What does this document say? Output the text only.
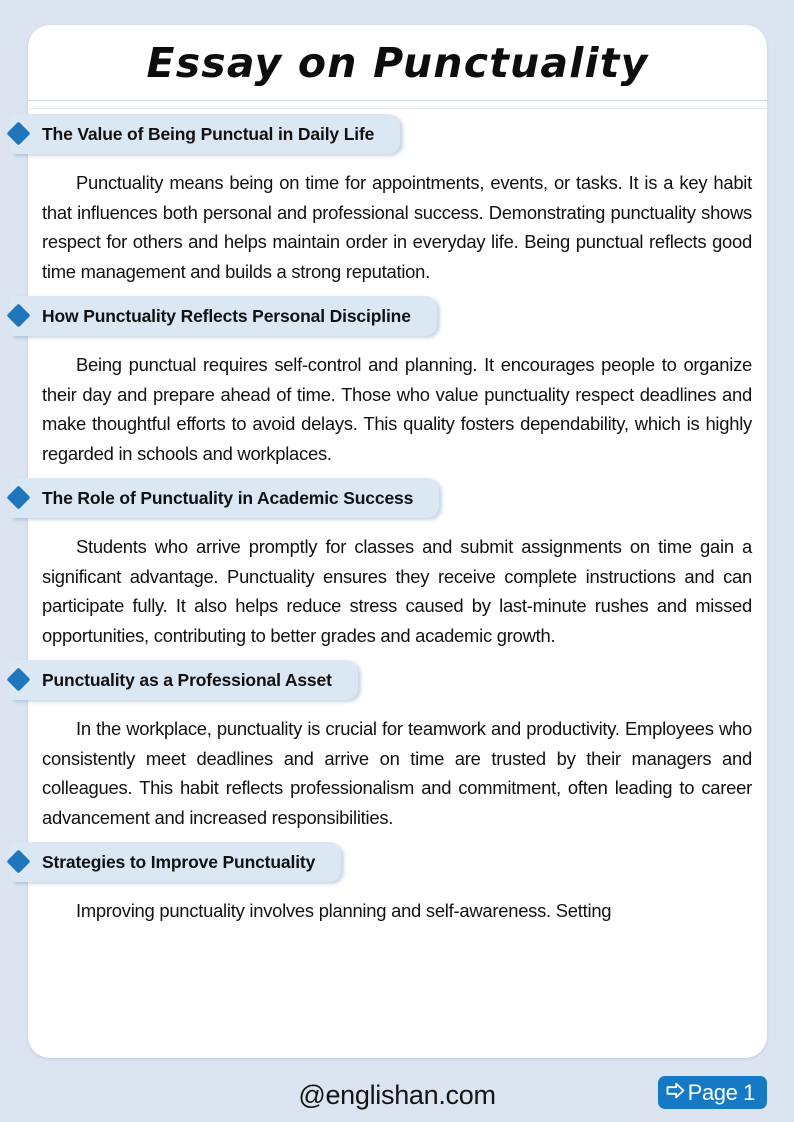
Essay on Punctuality
The Value of Being Punctual in Daily Life

Punctuality means being on time for appointments, events, or tasks. It is a key habit that influences both personal and professional success. Demonstrating punctuality shows respect for others and helps maintain order in everyday life. Being punctual reflects good time management and builds a strong reputation.

How Punctuality Reflects Personal Discipline

Being punctual requires self-control and planning. It encourages people to organize their day and prepare ahead of time. Those who value punctuality respect deadlines and make thoughtful efforts to avoid delays. This quality fosters dependability, which is highly regarded in schools and workplaces.

The Role of Punctuality in Academic Success

Students who arrive promptly for classes and submit assignments on time gain a significant advantage. Punctuality ensures they receive complete instructions and can participate fully. It also helps reduce stress caused by last-minute rushes and missed opportunities, contributing to better grades and academic growth.

Punctuality as a Professional Asset

In the workplace, punctuality is crucial for teamwork and productivity. Employees who consistently meet deadlines and arrive on time are trusted by their managers and colleagues. This habit reflects professionalism and commitment, often leading to career advancement and increased responsibilities.

Strategies to Improve Punctuality

Improving punctuality involves planning and self-awareness. Setting

@englishan.com	Page 1
